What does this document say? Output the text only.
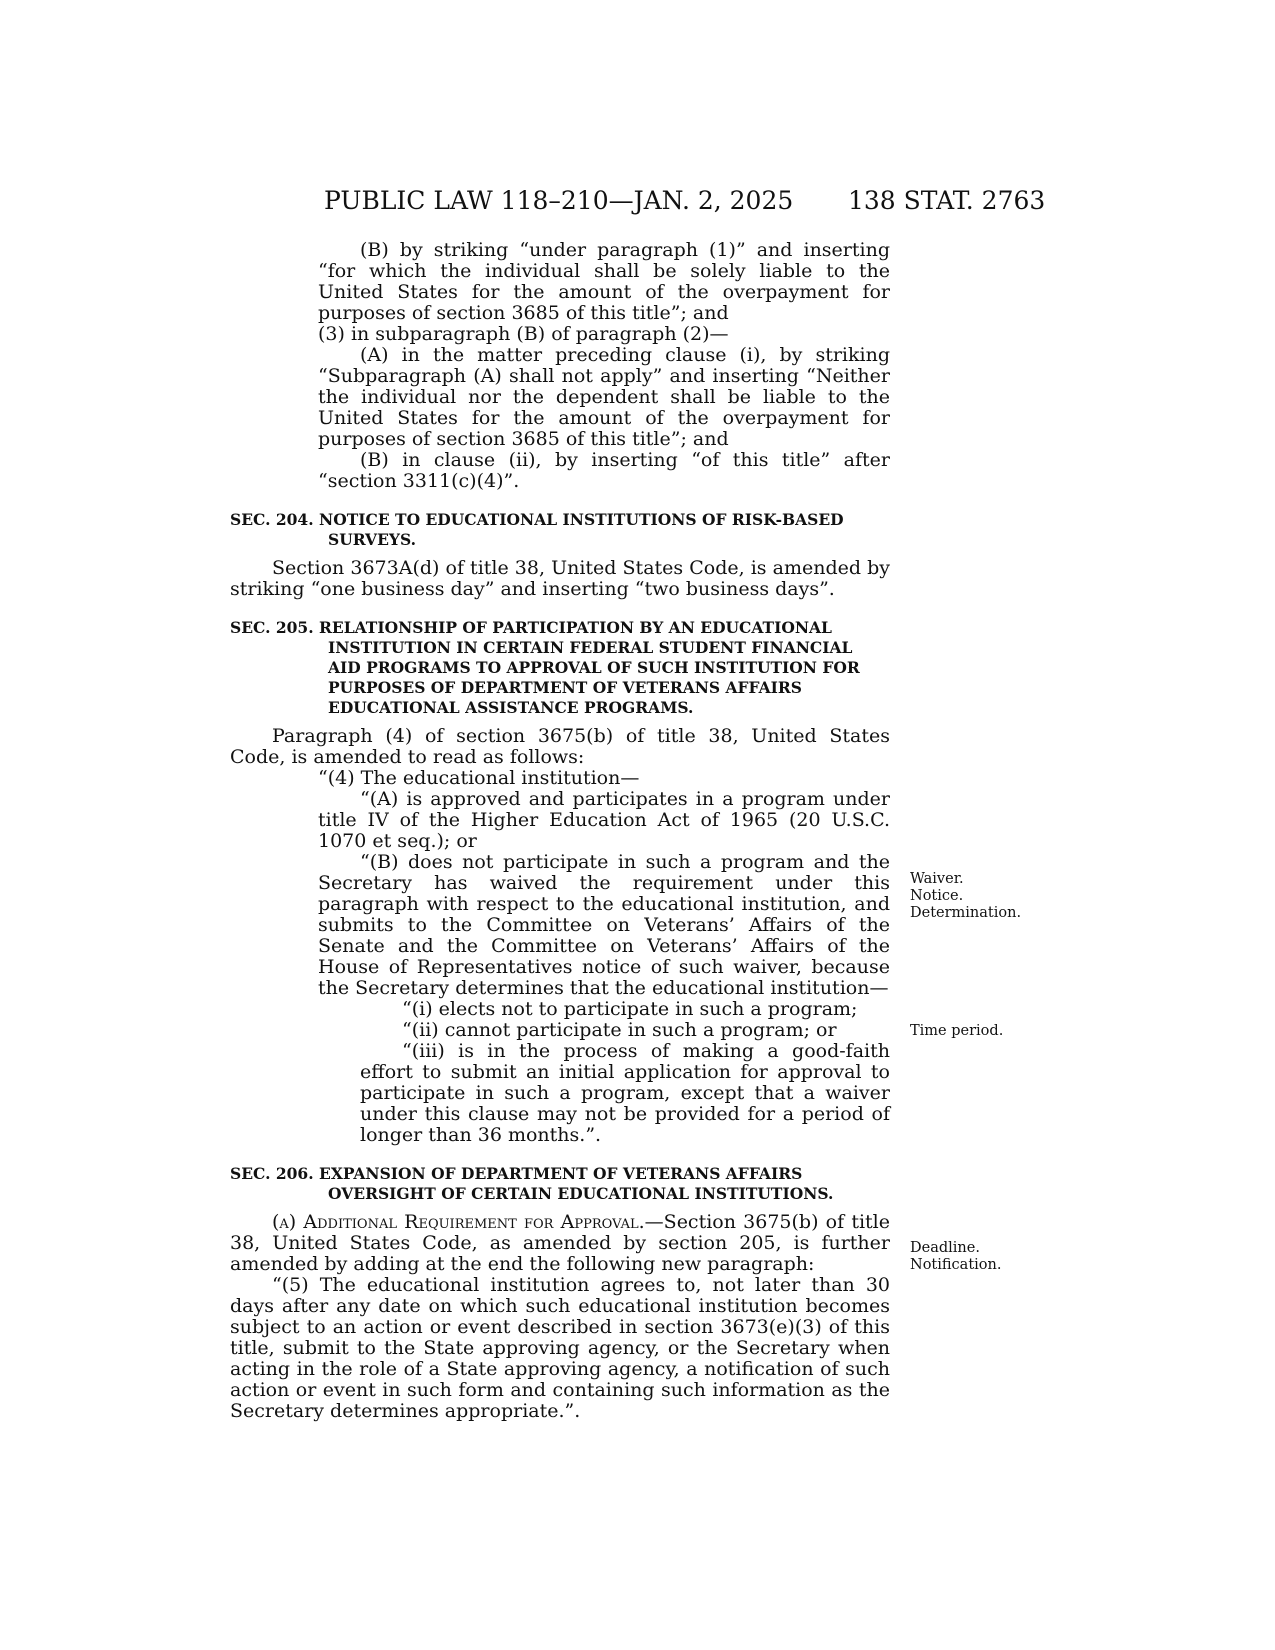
PUBLIC LAW 118–210—JAN. 2, 2025 138 STAT. 2763

(B) by striking “under paragraph (1)” and inserting “for which the individual shall be solely liable to the United States for the amount of the overpayment for purposes of section 3685 of this title”; and

(3) in subparagraph (B) of paragraph (2)—

(A) in the matter preceding clause (i), by striking “Subparagraph (A) shall not apply” and inserting “Neither the individual nor the dependent shall be liable to the United States for the amount of the overpayment for purposes of section 3685 of this title”; and

(B) in clause (ii), by inserting “of this title” after “section 3311(c)(4)”.

SEC. 204. NOTICE TO EDUCATIONAL INSTITUTIONS OF RISK-BASED SURVEYS.

Section 3673A(d) of title 38, United States Code, is amended by striking “one business day” and inserting “two business days”.

SEC. 205. RELATIONSHIP OF PARTICIPATION BY AN EDUCATIONAL INSTITUTION IN CERTAIN FEDERAL STUDENT FINANCIAL AID PROGRAMS TO APPROVAL OF SUCH INSTITUTION FOR PURPOSES OF DEPARTMENT OF VETERANS AFFAIRS EDUCATIONAL ASSISTANCE PROGRAMS.

Paragraph (4) of section 3675(b) of title 38, United States Code, is amended to read as follows:

“(4) The educational institution—

“(A) is approved and participates in a program under title IV of the Higher Education Act of 1965 (20 U.S.C. 1070 et seq.); or

“(B) does not participate in such a program and the Secretary has waived the requirement under this paragraph with respect to the educational institution, and submits to the Committee on Veterans’ Affairs of the Senate and the Committee on Veterans’ Affairs of the House of Representatives notice of such waiver, because the Secretary determines that the educational institution—

“(i) elects not to participate in such a program;

“(ii) cannot participate in such a program; or

“(iii) is in the process of making a good-faith effort to submit an initial application for approval to participate in such a program, except that a waiver under this clause may not be provided for a period of longer than 36 months.”.

SEC. 206. EXPANSION OF DEPARTMENT OF VETERANS AFFAIRS OVERSIGHT OF CERTAIN EDUCATIONAL INSTITUTIONS.

(a) Additional Requirement for Approval.—Section 3675(b) of title 38, United States Code, as amended by section 205, is further amended by adding at the end the following new paragraph:

“(5) The educational institution agrees to, not later than 30 days after any date on which such educational institution becomes subject to an action or event described in section 3673(e)(3) of this title, submit to the State approving agency, or the Secretary when acting in the role of a State approving agency, a notification of such action or event in such form and containing such information as the Secretary determines appropriate.”.

Waiver.
Notice.
Determination.
Time period.
Deadline.
Notification.
